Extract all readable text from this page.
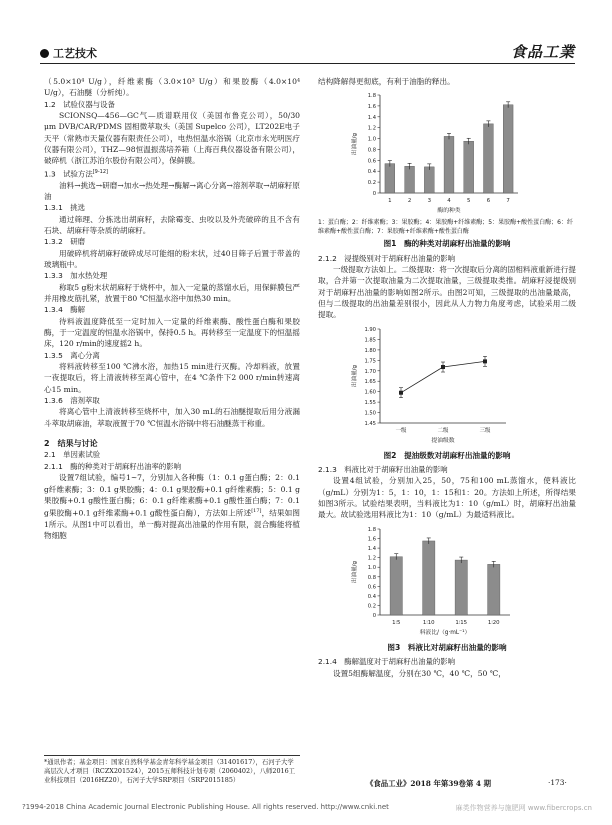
工艺技术	食品工業

（5.0×10⁴ U/g），纤维素酶（3.0×10³ U/g）和果胶酶（4.0×10⁴ U/g），石油醚（分析纯）。

1.2　试验仪器与设备

SCIONSQ—456—GC气—质谱联用仪（美国布鲁克公司），50/30 μm DVB/CAR/PDMS 固相微萃取头（美国 Supelco 公司），LT202E电子天平（常熟市天量仪器有限责任公司），电热恒温水浴锅（北京市永光明医疗仪器有限公司），THZ—98恒温振荡培养箱（上海百典仪器设备有限公司），破碎机（浙江苏泊尔股份有限公司），保鲜膜。

1.3　试验方法[9-12]

油料→挑选→研磨→加水→热处理→酶解→离心分离→溶剂萃取→胡麻籽原油

1.3.1　挑选

通过筛理、分拣选出胡麻籽，去除霉变、虫咬以及外壳破碎的且不含有石块、胡麻秆等杂质的胡麻籽。

1.3.2　研磨

用破碎机将胡麻籽破碎成尽可能细的粉末状，过40目筛子后置于带盖的玻璃瓶中。

1.3.3　加水热处理

称取5 g粉末状胡麻籽于烧杯中，加入一定量的蒸馏水后，用保鲜膜包严并用橡皮筋扎紧，放置于80 ℃恒温水浴中加热30 min。

1.3.4　酶解

待料液温度降低至一定时加入一定量的纤维素酶、酸性蛋白酶和果胶酶，于一定温度的恒温水浴锅中，保持0.5 h。再转移至一定温度下的恒温摇床，120 r/min的速度摇2 h。

1.3.5　离心分离

将料液转移至100 ℃沸水浴，加热15 min进行灭酶。冷却料液，放置一夜提取后，将上清液转移至离心管中，在4 ℃条件下2 000 r/min转速离心15 min。

1.3.6　溶剂萃取

将离心管中上清液转移至烧杯中，加入30 mL的石油醚提取后用分液漏斗萃取胡麻油，萃取液置于70 ℃恒温水浴锅中将石油醚蒸干称重。

2　结果与讨论

2.1　单因素试验

2.1.1　酶的种类对于胡麻籽出油率的影响

设置7组试验，编号1~7，分别加入各种酶（1：0.1 g蛋白酶；2：0.1 g纤维素酶；3：0.1 g果胶酶；4：0.1 g果胶酶+0.1 g纤维素酶；5：0.1 g果胶酶+0.1 g酸性蛋白酶；6：0.1 g纤维素酶+0.1 g酸性蛋白酶；7：0.1 g果胶酶+0.1 g纤维素酶+0.1 g酸性蛋白酶），方法如上所述[17]，结果如图1所示。从图1中可以看出，单一酶对提高出油量的作用有限，混合酶能将植物细胞

结构降解得更彻底，有利于油脂的释出。

0
0.2
0.4
0.6
0.8
1.0
1.2
1.4
1.6
1.8
出油量/g
1	2	3	4	5	6	7
酶的种类
1：蛋白酶；2：纤维素酶；3：果胶酶；4：果胶酶+纤维素酶；5：果胶酶+酸性蛋白酶；6：纤维素酶+酸性蛋白酶；7：果胶酶+纤维素酶+酸性蛋白酶
图1　酶的种类对胡麻籽出油量的影响

2.1.2　浸提级别对于胡麻籽出油量的影响

一级提取方法如上。二级提取：将一次提取后分离的固相料液重新进行提取，合并第一次提取油量为二次提取油量，三级提取类推。胡麻籽浸提级别对于胡麻籽出油量的影响如图2所示。由图2可知，三级提取的出油量最高，但与二级提取的出油量差别很小，因此从人力物力角度考虑，试验采用二级提取。

1.45
1.50
1.55
1.60
1.65
1.70
1.75
1.80
1.85
1.90
出油量/g
一级	二级	三级
提油级数
图2　提油级数对胡麻籽出油量的影响

2.1.3　料液比对于胡麻籽出油量的影响

设置4组试验，分别加入25，50，75和100 mL蒸馏水，使料液比（g/mL）分别为1：5，1：10，1：15和1：20。方法如上所述，所得结果如图3所示。试验结果表明，当料液比为1：10（g/mL）时，胡麻籽出油量最大。故试验选用料液比为1：10（g/mL）为最适料液比。

0
0.2
0.4
0.6
0.8
1.0
1.2
1.4
1.6
1.8
出油量/g
1∶5	1∶10	1∶15	1∶20
料液比/（g·mL⁻¹）
图3　料液比对胡麻籽出油量的影响

2.1.4　酶解温度对于胡麻籽出油量的影响

设置5组酶解温度，分别在30 ℃，40 ℃，50 ℃，

*通讯作者；基金项目：国家自然科学基金青年科学基金项目（31401617），石河子大学高层次人才项目（RCZX201524），2015五师科技计划专项（2060402），八师2016工业科技项目（2016HZ20），石河子大学SRP项目（SRP2015185）	《食品工业》2018 年第39卷第 4 期	·173·
?1994-2018 China Academic Journal Electronic Publishing House. All rights reserved. http://www.cnki.net	麻类作物营养与施肥网 www.fibercrops.cn
